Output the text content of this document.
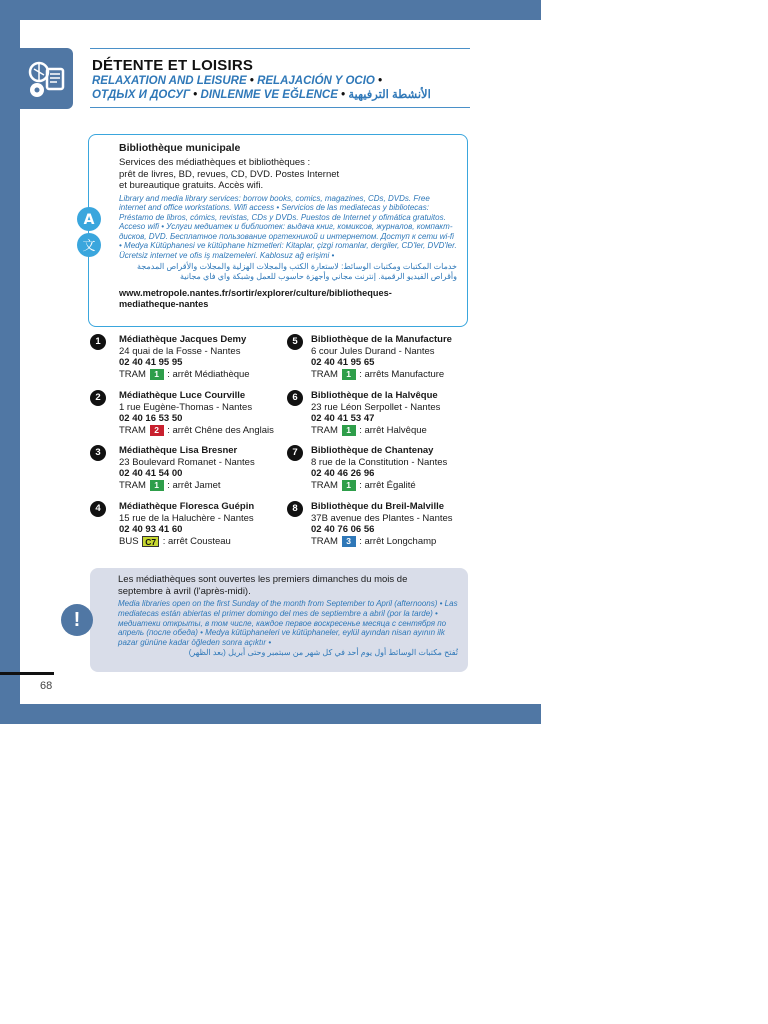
DÉTENTE ET LOISIRS
RELAXATION AND LEISURE • RELAJACIÓN Y OCIO •
ОТДЫХ И ДОСУГ • DINLENME VE EĞLENCE • الأنشطة الترفيهية
Bibliothèque municipale
Services des médiathèques et bibliothèques :
prêt de livres, BD, revues, CD, DVD. Postes Internet
et bureautique gratuits. Accès wifi.
Library and media library services: borrow books, comics, magazines, CDs, DVDs. Free internet and office workstations. Wifi access • Servicios de las mediatecas y bibliotecas: Préstamo de libros, cómics, revistas, CDs y DVDs. Puestos de Internet y ofimática gratuitos. Acceso wifi • Услуги медиатек и библиотек: выдача книг, комиксов, журналов, компакт-дисков, DVD. Бесплатное пользование оргтехникой и интернетом. Доступ к сети wi-fi • Medya Kütüphanesi ve kütüphane hizmetleri: Kitaplar, çizgi romanlar, dergiler, CD'ler, DVD'ler. Ücretsiz internet ve ofis iş malzemeleri. Kablosuz ağ erişimi •
خدمات المكتبات ومكتبات الوسائط: لاستعارة الكتب والمجلات الهزلية والمجلات والأقراص المدمجة وأقراص الفيديو الرقمية. إنترنت مجاني وأجهزة حاسوب للعمل وشبكة واي فاي مجانية
www.metropole.nantes.fr/sortir/explorer/culture/bibliotheques-
mediatheque-nantes
A
文
1	Médiathèque Jacques Demy
24 quai de la Fosse - Nantes
02 40 41 95 95
TRAM 1 : arrêt Médiathèque
2	Médiathèque Luce Courville
1 rue Eugène-Thomas - Nantes
02 40 16 53 50
TRAM 2 : arrêt Chêne des Anglais
3	Médiathèque Lisa Bresner
23 Boulevard Romanet - Nantes
02 40 41 54 00
TRAM 1 : arrêt Jamet
4	Médiathèque Floresca Guépin
15 rue de la Haluchère - Nantes
02 40 93 41 60
BUS C7 : arrêt Cousteau
5	Bibliothèque de la Manufacture
6 cour Jules Durand - Nantes
02 40 41 95 65
TRAM 1 : arrêts Manufacture
6	Bibliothèque de la Halvêque
23 rue Léon Serpollet - Nantes
02 40 41 53 47
TRAM 1 : arrêt Halvêque
7	Bibliothèque de Chantenay
8 rue de la Constitution - Nantes
02 40 46 26 96
TRAM 1 : arrêt Égalité
8	Bibliothèque du Breil-Malville
37B avenue des Plantes - Nantes
02 40 76 06 56
TRAM 3 : arrêt Longchamp
Les médiathèques sont ouvertes les premiers dimanches du mois de
septembre à avril (l'après-midi).
Media libraries open on the first Sunday of the month from September to April (afternoons) • Las mediatecas están abiertas el primer domingo del mes de septiembre a abril (por la tarde) • медиатеки открыты, в том числе, каждое первое воскресенье месяца с сентября по апрель (после обеда) • Medya kütüphaneleri ve kütüphaneler, eylül ayından nisan ayının ilk pazar gününe kadar öğleden sonra açıktır •
تُفتح مكتبات الوسائط أول يوم أحد في كل شهر من سبتمبر وحتى أبريل (بعد الظهر)
!
68
